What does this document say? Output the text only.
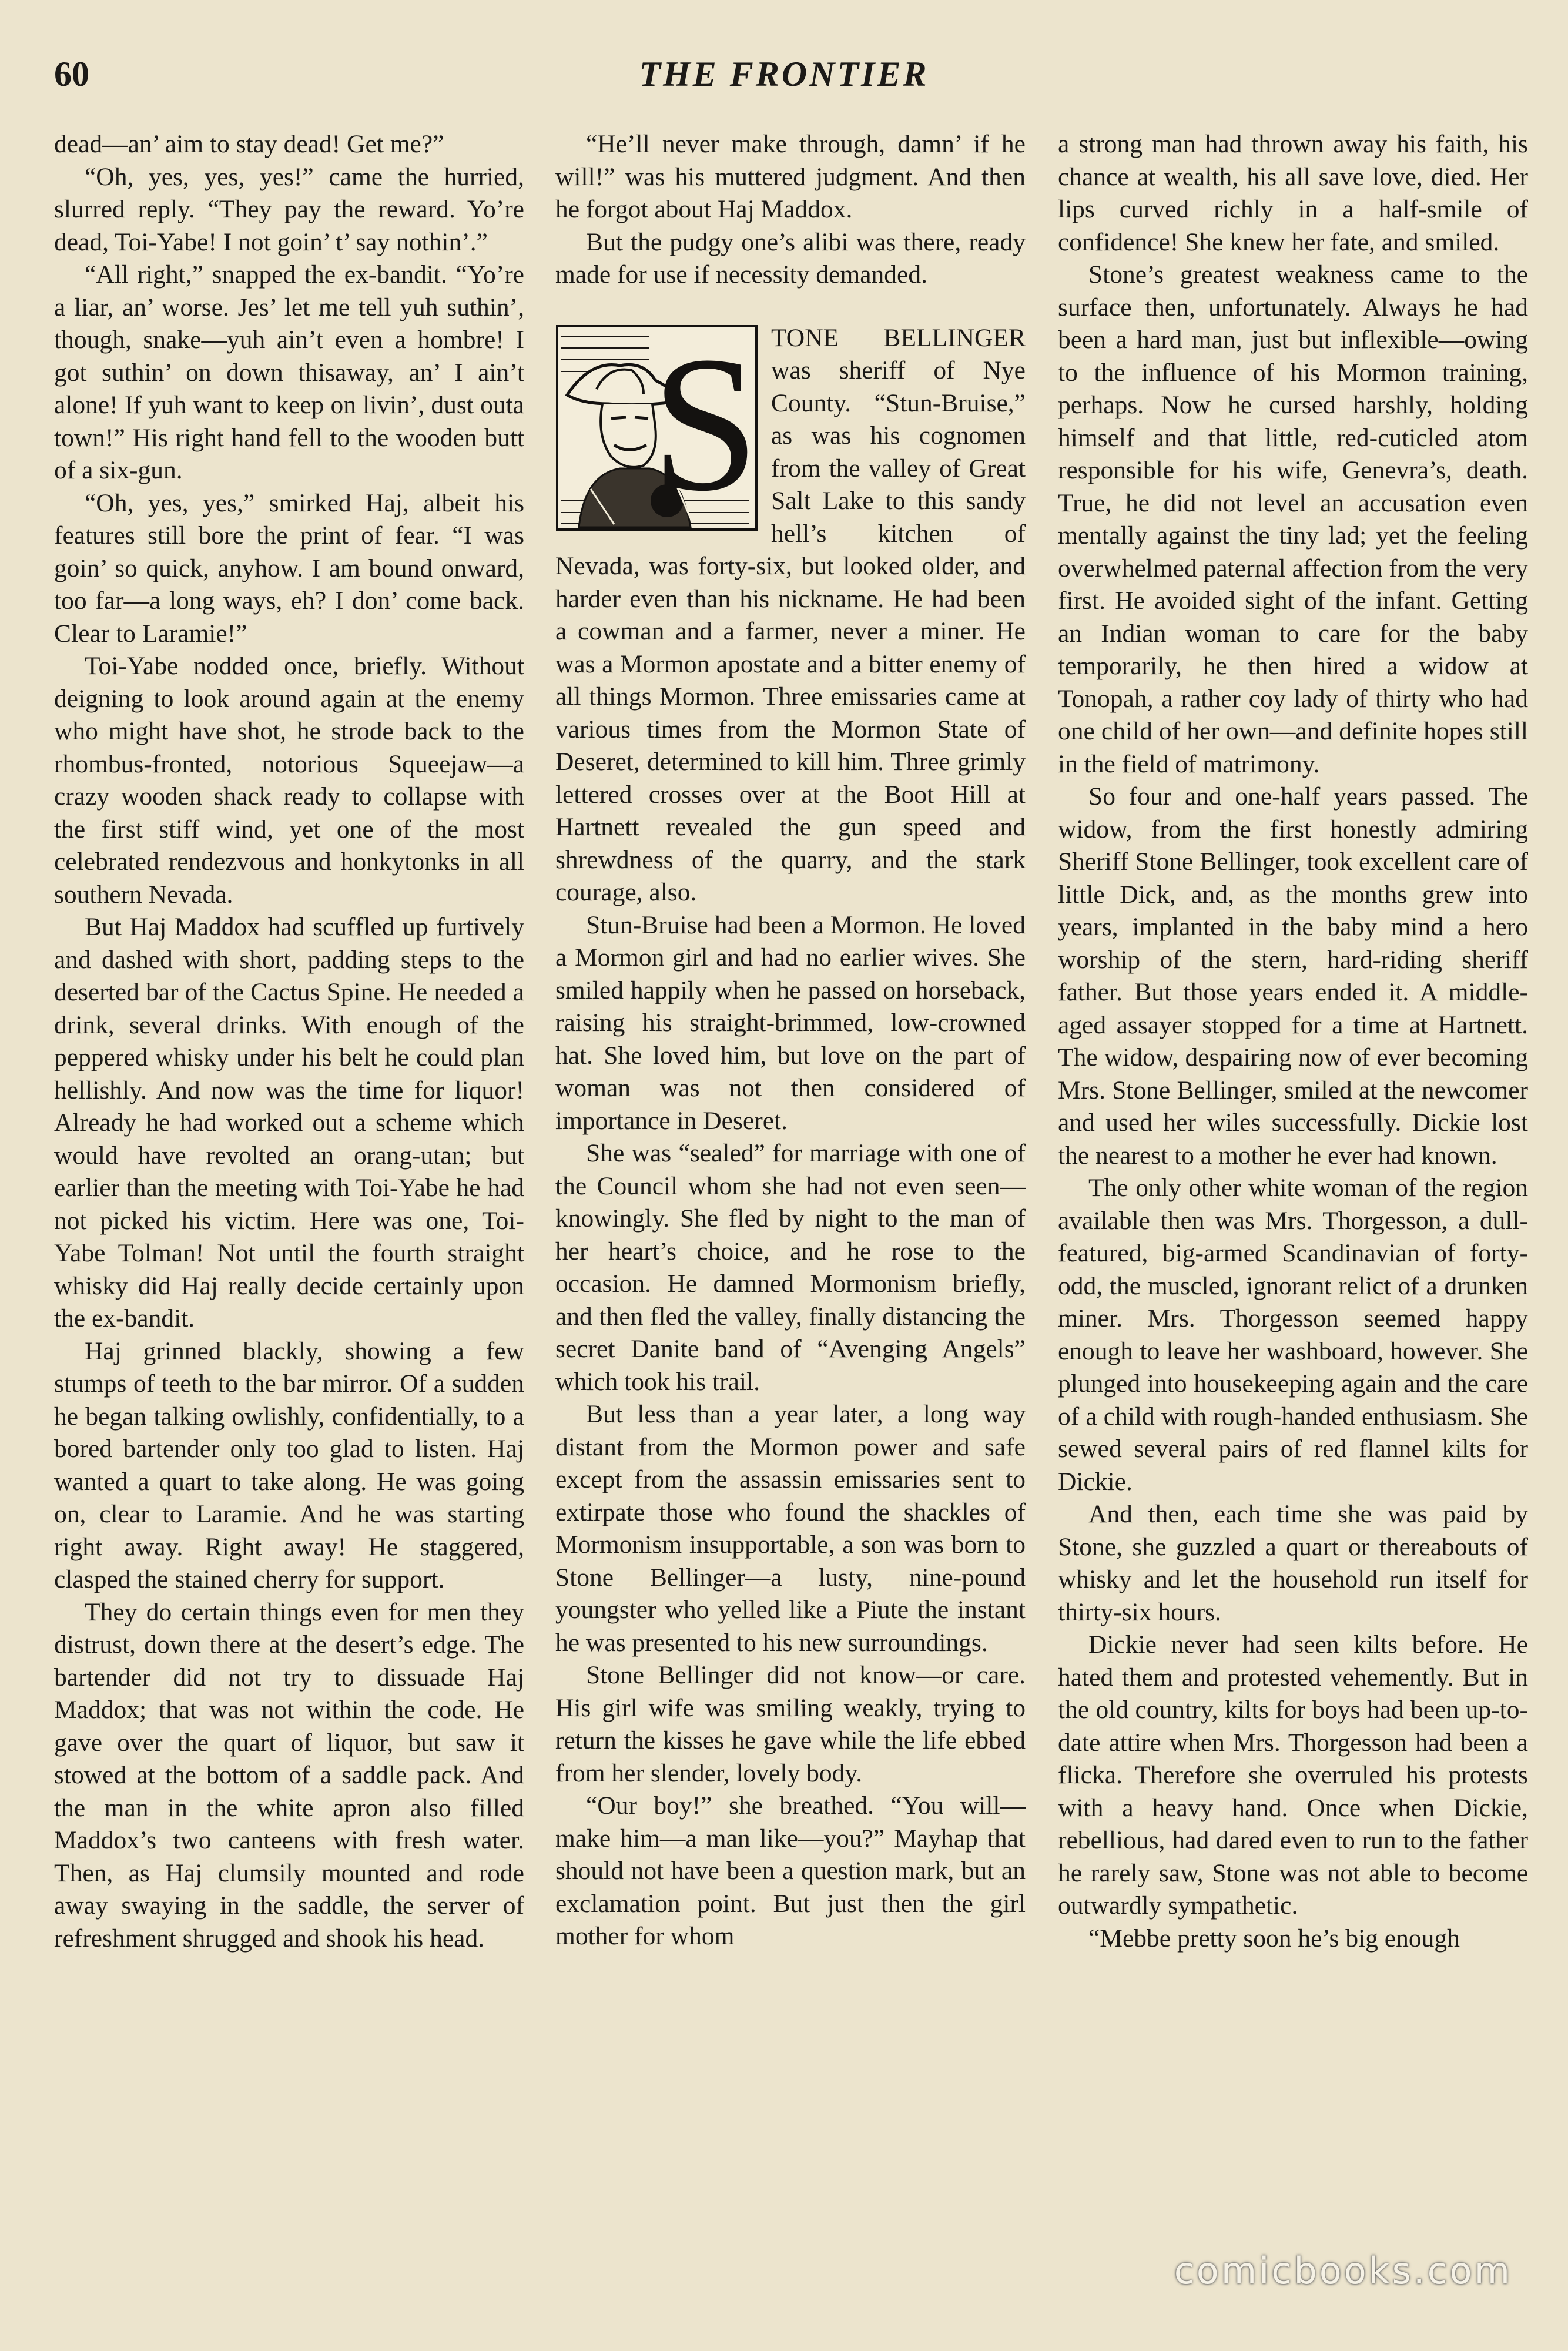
60	THE FRONTIER

dead—an’ aim to stay dead! Get me?”

“Oh, yes, yes, yes!” came the hurried, slurred reply. “They pay the reward. Yo’re dead, Toi-Yabe! I not goin’ t’ say nothin’.”

“All right,” snapped the ex-bandit. “Yo’re a liar, an’ worse. Jes’ let me tell yuh suthin’, though, snake—yuh ain’t even a hombre! I got suthin’ on down thisaway, an’ I ain’t alone! If yuh want to keep on livin’, dust outa town!” His right hand fell to the wooden butt of a six-gun.

“Oh, yes, yes,” smirked Haj, albeit his features still bore the print of fear. “I was goin’ so quick, anyhow. I am bound onward, too far—a long ways, eh? I don’ come back. Clear to Laramie!”

Toi-Yabe nodded once, briefly. Without deigning to look around again at the enemy who might have shot, he strode back to the rhombus-fronted, notorious Squeejaw—a crazy wooden shack ready to collapse with the first stiff wind, yet one of the most celebrated rendezvous and honkytonks in all southern Nevada.

But Haj Maddox had scuffled up furtively and dashed with short, padding steps to the deserted bar of the Cactus Spine. He needed a drink, several drinks. With enough of the peppered whisky under his belt he could plan hellishly. And now was the time for liquor! Already he had worked out a scheme which would have revolted an orang-utan; but earlier than the meeting with Toi-Yabe he had not picked his victim. Here was one, Toi-Yabe Tolman! Not until the fourth straight whisky did Haj really decide certainly upon the ex-bandit.

Haj grinned blackly, showing a few stumps of teeth to the bar mirror. Of a sudden he began talking owlishly, confidentially, to a bored bartender only too glad to listen. Haj wanted a quart to take along. He was going on, clear to Laramie. And he was starting right away. Right away! He staggered, clasped the stained cherry for support.

They do certain things even for men they distrust, down there at the desert’s edge. The bartender did not try to dissuade Haj Maddox; that was not within the code. He gave over the quart of liquor, but saw it stowed at the bottom of a saddle pack. And the man in the white apron also filled Maddox’s two canteens with fresh water. Then, as Haj clumsily mounted and rode away swaying in the saddle, the server of refreshment shrugged and shook his head.

“He’ll never make through, damn’ if he will!” was his muttered judgment. And then he forgot about Haj Maddox.

But the pudgy one’s alibi was there, ready made for use if necessity demanded.

S TONE BELLINGER was sheriff of Nye County. “Stun-Bruise,” as was his cognomen from the valley of Great Salt Lake to this sandy hell’s kitchen of Nevada, was forty-six, but looked older, and harder even than his nickname. He had been a cowman and a farmer, never a miner. He was a Mormon apostate and a bitter enemy of all things Mormon. Three emissaries came at various times from the Mormon State of Deseret, determined to kill him. Three grimly lettered crosses over at the Boot Hill at Hartnett revealed the gun speed and shrewdness of the quarry, and the stark courage, also.

Stun-Bruise had been a Mormon. He loved a Mormon girl and had no earlier wives. She smiled happily when he passed on horseback, raising his straight-brimmed, low-crowned hat. She loved him, but love on the part of woman was not then considered of importance in Deseret.

She was “sealed” for marriage with one of the Council whom she had not even seen—knowingly. She fled by night to the man of her heart’s choice, and he rose to the occasion. He damned Mormonism briefly, and then fled the valley, finally distancing the secret Danite band of “Avenging Angels” which took his trail.

But less than a year later, a long way distant from the Mormon power and safe except from the assassin emissaries sent to extirpate those who found the shackles of Mormonism insupportable, a son was born to Stone Bellinger—a lusty, nine-pound youngster who yelled like a Piute the instant he was presented to his new surroundings.

Stone Bellinger did not know—or care. His girl wife was smiling weakly, trying to return the kisses he gave while the life ebbed from her slender, lovely body.

“Our boy!” she breathed. “You will—make him—a man like—you?” Mayhap that should not have been a question mark, but an exclamation point. But just then the girl mother for whom

a strong man had thrown away his faith, his chance at wealth, his all save love, died. Her lips curved richly in a half-smile of confidence! She knew her fate, and smiled.

Stone’s greatest weakness came to the surface then, unfortunately. Always he had been a hard man, just but inflexible—owing to the influence of his Mormon training, perhaps. Now he cursed harshly, holding himself and that little, red-cuticled atom responsible for his wife, Genevra’s, death. True, he did not level an accusation even mentally against the tiny lad; yet the feeling overwhelmed paternal affection from the very first. He avoided sight of the infant. Getting an Indian woman to care for the baby temporarily, he then hired a widow at Tonopah, a rather coy lady of thirty who had one child of her own—and definite hopes still in the field of matrimony.

So four and one-half years passed. The widow, from the first honestly admiring Sheriff Stone Bellinger, took excellent care of little Dick, and, as the months grew into years, implanted in the baby mind a hero worship of the stern, hard-riding sheriff father. But those years ended it. A middle-aged assayer stopped for a time at Hartnett. The widow, despairing now of ever becoming Mrs. Stone Bellinger, smiled at the newcomer and used her wiles successfully. Dickie lost the nearest to a mother he ever had known.

The only other white woman of the region available then was Mrs. Thorgesson, a dull-featured, big-armed Scandinavian of forty-odd, the muscled, ignorant relict of a drunken miner. Mrs. Thorgesson seemed happy enough to leave her washboard, however. She plunged into housekeeping again and the care of a child with rough-handed enthusiasm. She sewed several pairs of red flannel kilts for Dickie.

And then, each time she was paid by Stone, she guzzled a quart or thereabouts of whisky and let the household run itself for thirty-six hours.

Dickie never had seen kilts before. He hated them and protested vehemently. But in the old country, kilts for boys had been up-to-date attire when Mrs. Thorgesson had been a flicka. Therefore she overruled his protests with a heavy hand. Once when Dickie, rebellious, had dared even to run to the father he rarely saw, Stone was not able to become outwardly sympathetic.

“Mebbe pretty soon he’s big enough

comicbooks.com
